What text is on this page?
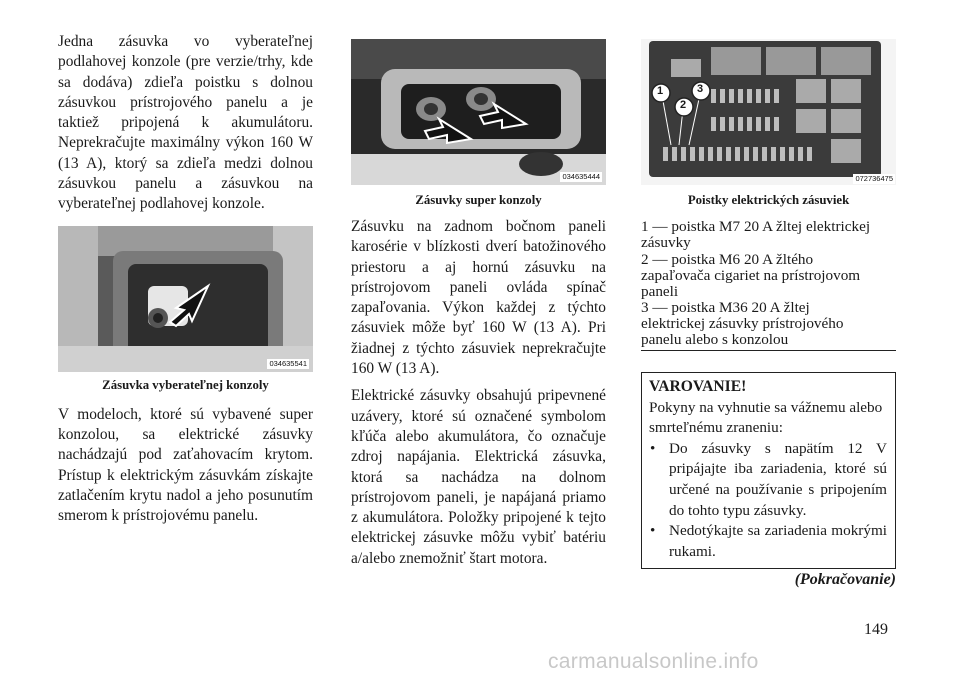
Jedna zásuvka vo vyberateľnej podlahovej konzole (pre verzie/trhy, kde sa dodáva) zdieľa poistku s dolnou zásuvkou prístrojového panelu a je taktiež pripojená k akumulátoru. Neprekračujte maximálny výkon 160 W (13 A), ktorý sa zdieľa medzi dolnou zásuvkou panelu a zásuvkou na vyberateľnej podlahovej konzole.

034635541

Zásuvka vyberateľnej konzoly

V modeloch, ktoré sú vybavené super konzolou, sa elektrické zásuvky nachádzajú pod zaťahovacím krytom. Prístup k elektrickým zásuvkám získajte zatlačením krytu nadol a jeho posunutím smerom k prístrojovému panelu.

034635444

Zásuvky super konzoly

Zásuvku na zadnom bočnom paneli karosérie v blízkosti dverí batožinového priestoru a aj hornú zásuvku na prístrojovom paneli ovláda spínač zapaľovania. Výkon každej z týchto zásuviek môže byť 160 W (13 A). Pri žiadnej z týchto zásuviek neprekračujte 160 W (13 A).

Elektrické zásuvky obsahujú pripevnené uzávery, ktoré sú označené symbolom kľúča alebo akumulátora, čo označuje zdroj napájania. Elektrická zásuvka, ktorá sa nachádza na dolnom prístrojovom paneli, je napájaná priamo z akumulátora. Položky pripojené k tejto elektrickej zásuvke môžu vybiť batériu a/alebo znemožniť štart motora.

1
2
3
072736475

Poistky elektrických zásuviek

1 — poistka M7 20 A žltej elektrickej
zásuvky
2 — poistka M6 20 A žltého
zapaľovača cigariet na prístrojovom
paneli
3 — poistka M36 20 A žltej
elektrickej zásuvky prístrojového
panelu alebo s konzolou
VAROVANIE!
Pokyny na vyhnutie sa vážnemu alebo smrteľnému zraneniu:
• Do zásuvky s napätím 12 V pripájajte iba zariadenia, ktoré sú určené na používanie s pripojením do tohto typu zásuvky.
• Nedotýkajte sa zariadenia mokrými rukami.
(Pokračovanie)
149
carmanualsonline.info
